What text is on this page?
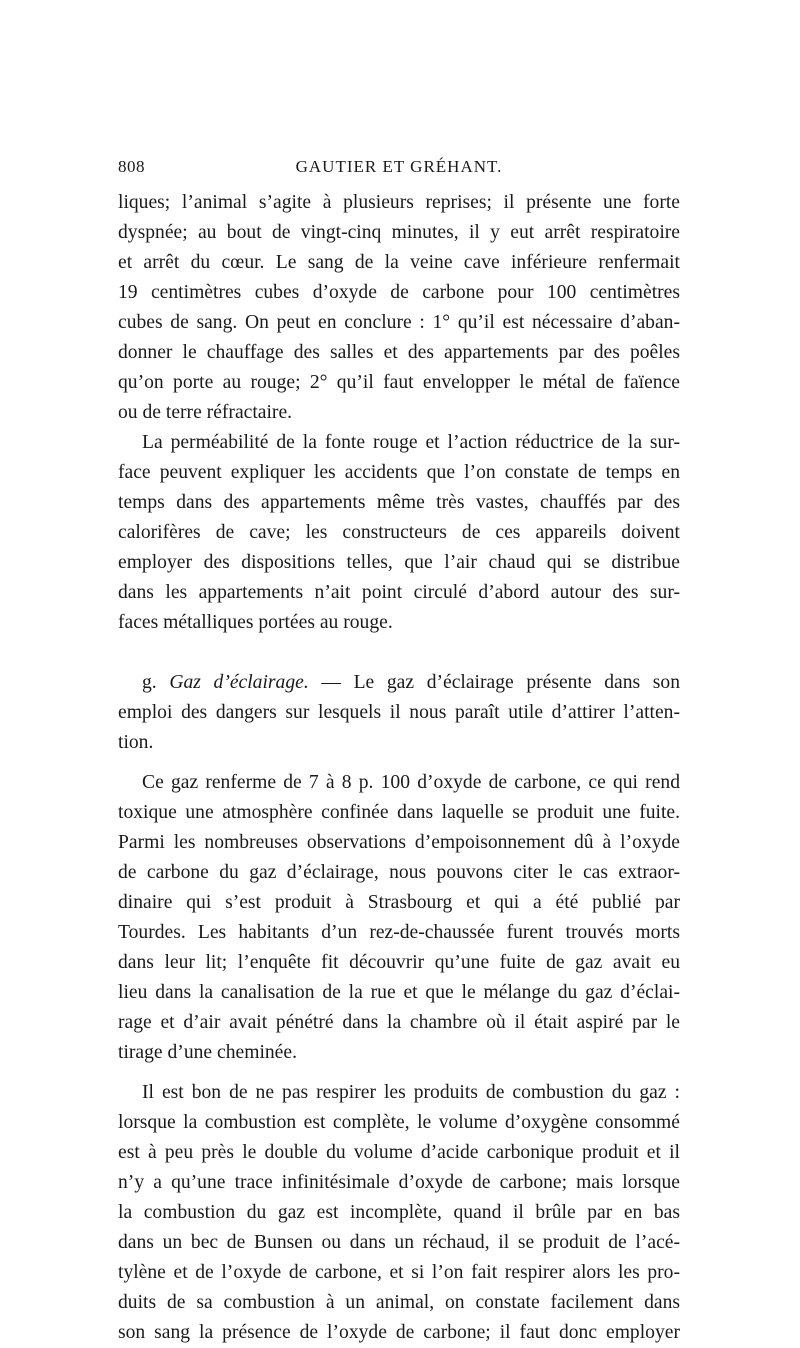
808	GAUTIER ET GRÉHANT.
liques; l’animal s’agite à plusieurs reprises; il présente une forte
dyspnée; au bout de vingt-cinq minutes, il y eut arrêt respiratoire
et arrêt du cœur. Le sang de la veine cave inférieure renfermait
19 centimètres cubes d’oxyde de carbone pour 100 centimètres
cubes de sang. On peut en conclure : 1° qu’il est nécessaire d’aban-
donner le chauffage des salles et des appartements par des poêles
qu’on porte au rouge; 2° qu’il faut envelopper le métal de faïence
ou de terre réfractaire.
La perméabilité de la fonte rouge et l’action réductrice de la sur-
face peuvent expliquer les accidents que l’on constate de temps en
temps dans des appartements même très vastes, chauffés par des
calorifères de cave; les constructeurs de ces appareils doivent
employer des dispositions telles, que l’air chaud qui se distribue
dans les appartements n’ait point circulé d’abord autour des sur-
faces métalliques portées au rouge.
g. Gaz d’éclairage. — Le gaz d’éclairage présente dans son
emploi des dangers sur lesquels il nous paraît utile d’attirer l’atten-
tion.
Ce gaz renferme de 7 à 8 p. 100 d’oxyde de carbone, ce qui rend
toxique une atmosphère confinée dans laquelle se produit une fuite.
Parmi les nombreuses observations d’empoisonnement dû à l’oxyde
de carbone du gaz d’éclairage, nous pouvons citer le cas extraor-
dinaire qui s’est produit à Strasbourg et qui a été publié par
Tourdes. Les habitants d’un rez-de-chaussée furent trouvés morts
dans leur lit; l’enquête fit découvrir qu’une fuite de gaz avait eu
lieu dans la canalisation de la rue et que le mélange du gaz d’éclai-
rage et d’air avait pénétré dans la chambre où il était aspiré par le
tirage d’une cheminée.
Il est bon de ne pas respirer les produits de combustion du gaz :
lorsque la combustion est complète, le volume d’oxygène consommé
est à peu près le double du volume d’acide carbonique produit et il
n’y a qu’une trace infinitésimale d’oxyde de carbone; mais lorsque
la combustion du gaz est incomplète, quand il brûle par en bas
dans un bec de Bunsen ou dans un réchaud, il se produit de l’acé-
tylène et de l’oxyde de carbone, et si l’on fait respirer alors les pro-
duits de sa combustion à un animal, on constate facilement dans
son sang la présence de l’oxyde de carbone; il faut donc employer
